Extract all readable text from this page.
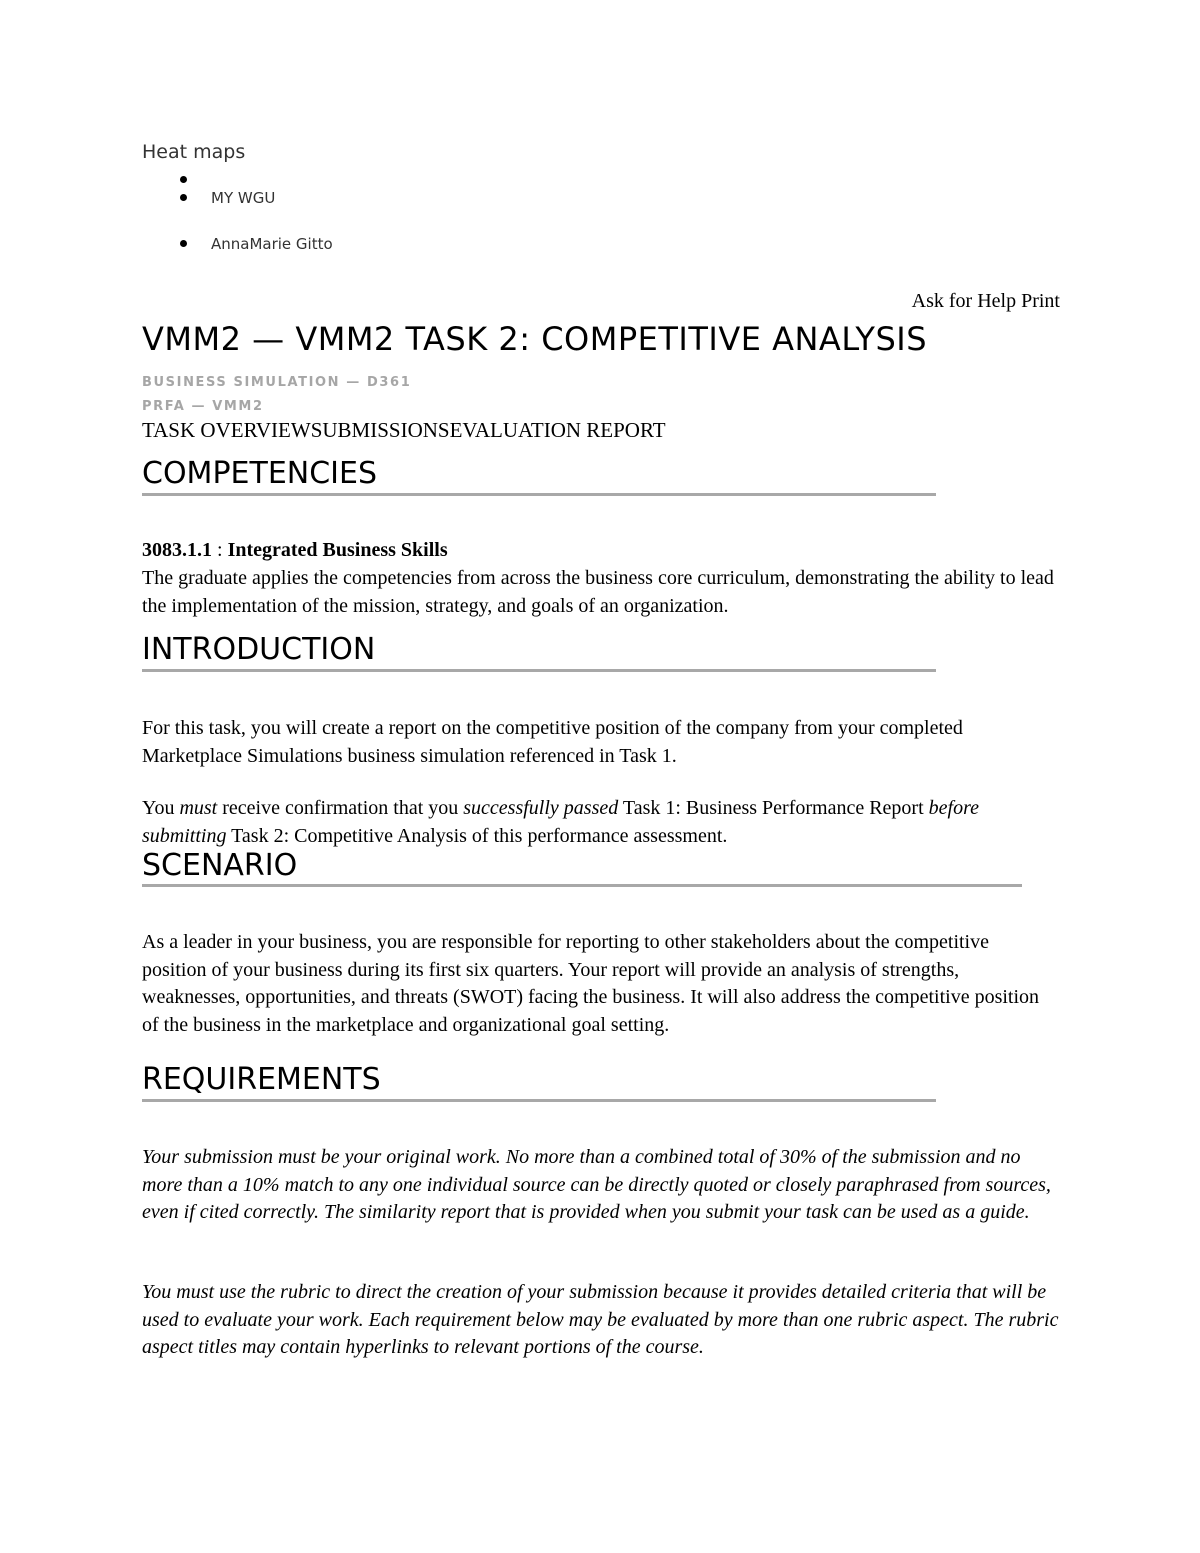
Heat maps
MY WGU
AnnaMarie Gitto
Ask for Help Print
VMM2 — VMM2 TASK 2: COMPETITIVE ANALYSIS
BUSINESS SIMULATION — D361
PRFA — VMM2
TASK OVERVIEWSUBMISSIONSEVALUATION REPORT
COMPETENCIES
3083.1.1 : Integrated Business Skills
The graduate applies the competencies from across the business core curriculum, demonstrating the ability to lead the implementation of the mission, strategy, and goals of an organization.
INTRODUCTION
For this task, you will create a report on the competitive position of the company from your completed Marketplace Simulations business simulation referenced in Task 1.
You must receive confirmation that you successfully passed Task 1: Business Performance Report before submitting Task 2: Competitive Analysis of this performance assessment.
SCENARIO
As a leader in your business, you are responsible for reporting to other stakeholders about the competitive position of your business during its first six quarters. Your report will provide an analysis of strengths, weaknesses, opportunities, and threats (SWOT) facing the business. It will also address the competitive position of the business in the marketplace and organizational goal setting.
REQUIREMENTS
Your submission must be your original work. No more than a combined total of 30% of the submission and no more than a 10% match to any one individual source can be directly quoted or closely paraphrased from sources, even if cited correctly. The similarity report that is provided when you submit your task can be used as a guide.
You must use the rubric to direct the creation of your submission because it provides detailed criteria that will be used to evaluate your work. Each requirement below may be evaluated by more than one rubric aspect. The rubric aspect titles may contain hyperlinks to relevant portions of the course.
